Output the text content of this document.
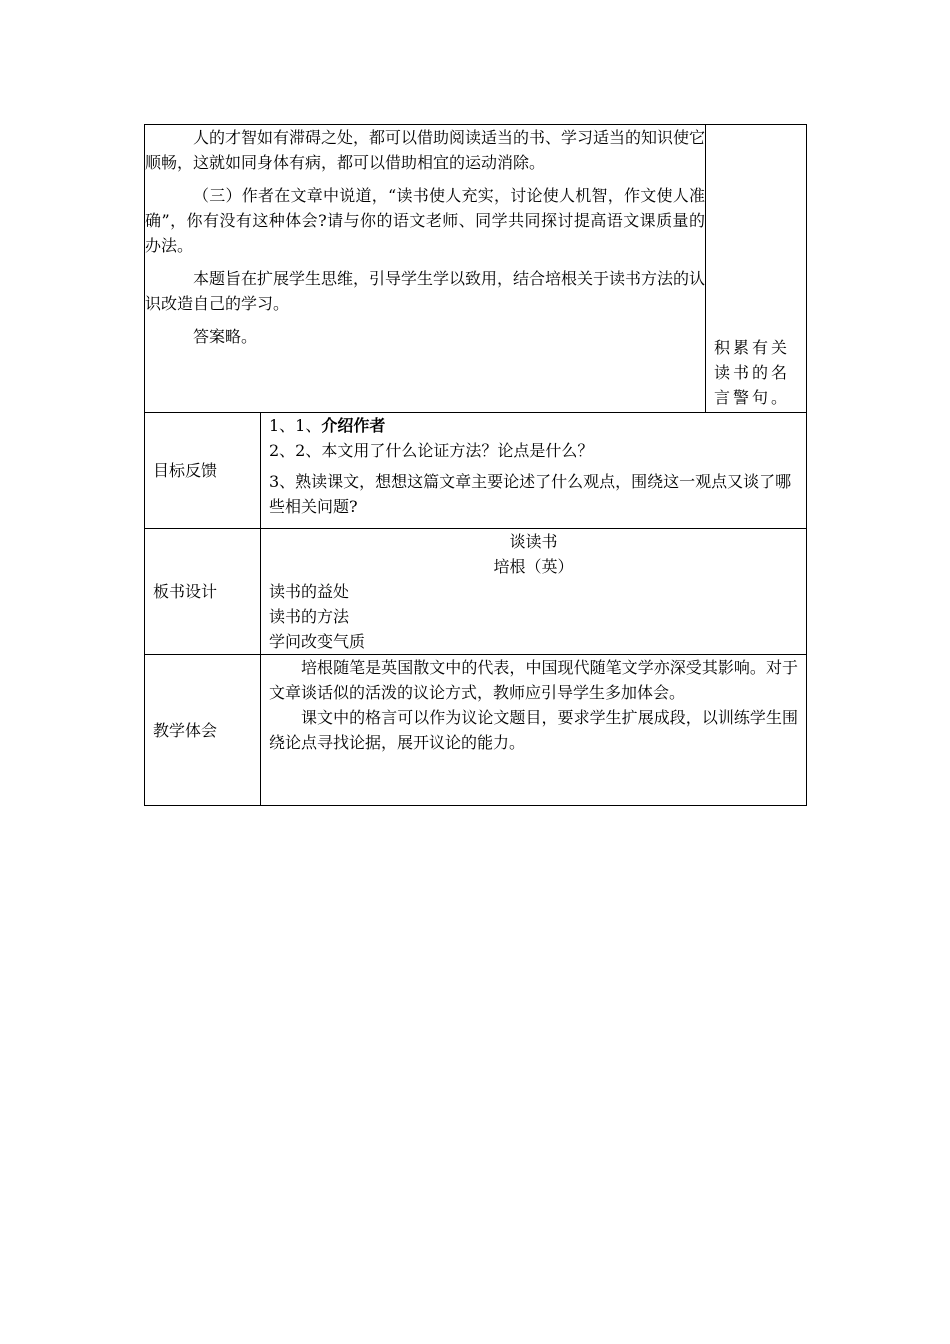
人的才智如有滞碍之处，都可以借助阅读适当的书、学习适当的知识使它顺畅，这就如同身体有病，都可以借助相宜的运动消除。

（三）作者在文章中说道，“读书使人充实，讨论使人机智，作文使人准确”，你有没有这种体会?请与你的语文老师、同学共同探讨提高语文课质量的办法。

本题旨在扩展学生思维，引导学生学以致用，结合培根关于读书方法的认识改造自己的学习。

答案略。		积累有关读书的名言警句。
目标反馈	1、1、介绍作者

2、2、本文用了什么论证方法？论点是什么？

3、熟读课文，想想这篇文章主要论述了什么观点，围绕这一观点又谈了哪些相关问题?	

板书设计	谈读书

培根（英）

读书的益处

读书的方法

学问改变气质	

教学体会	培根随笔是英国散文中的代表，中国现代随笔文学亦深受其影响。对于文章谈话似的活泼的议论方式，教师应引导学生多加体会。

课文中的格言可以作为议论文题目，要求学生扩展成段，以训练学生围绕论点寻找论据，展开议论的能力。	
